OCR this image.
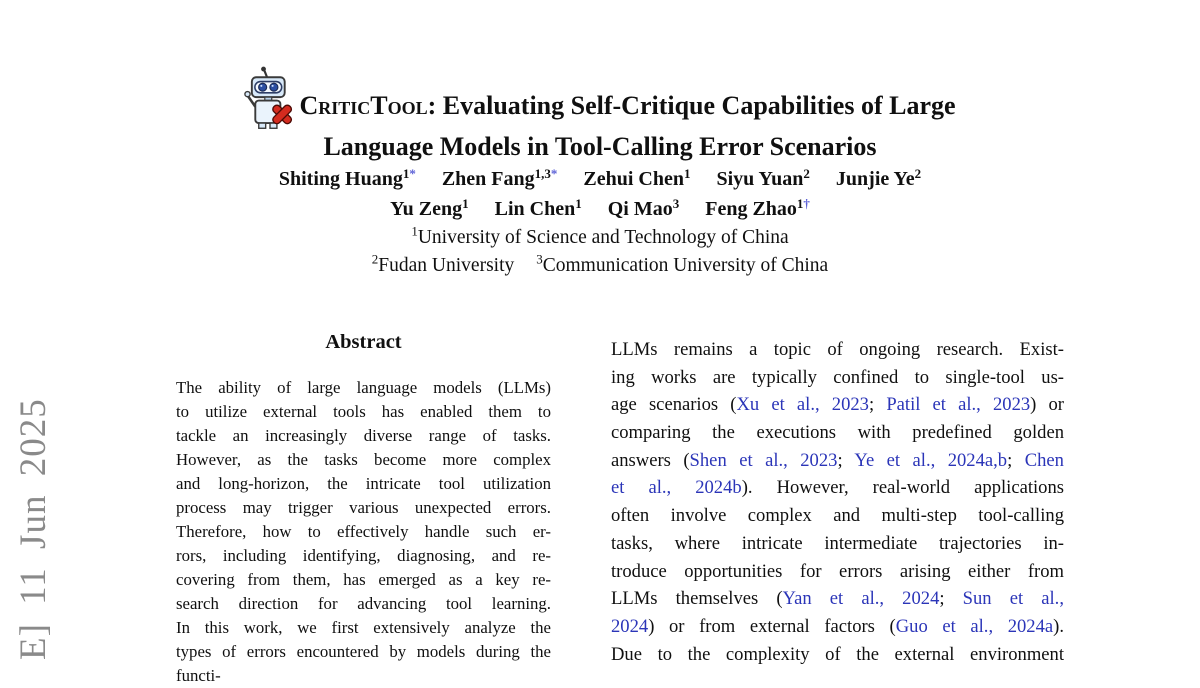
E] 11 Jun 2025
CriticTool: Evaluating Self-Critique Capabilities of Large
Language Models in Tool-Calling Error Scenarios
Shiting Huang$^{1*}$ Zhen Fang$^{1,3*}$ Zehui Chen$^1$ Siyu Yuan$^2$ Junjie Ye$^2$
Yu Zeng$^1$ Lin Chen$^1$ Qi Mao$^3$ Feng Zhao$^{1\dagger}$
$^1$University of Science and Technology of China
$^2$Fudan University $^3$Communication University of China
Abstract
The ability of large language models (LLMs)
to utilize external tools has enabled them to
tackle an increasingly diverse range of tasks.
However, as the tasks become more complex
and long-horizon, the intricate tool utilization
process may trigger various unexpected errors.
Therefore, how to effectively handle such er-
rors, including identifying, diagnosing, and re-
covering from them, has emerged as a key re-
search direction for advancing tool learning.
In this work, we first extensively analyze the
types of errors encountered by models during the functi-
LLMs remains a topic of ongoing research. Exist-
ing works are typically confined to single-tool us-
age scenarios (Xu et al., 2023; Patil et al., 2023) or
comparing the executions with predefined golden
answers (Shen et al., 2023; Ye et al., 2024a,b; Chen
et al., 2024b). However, real-world applications
often involve complex and multi-step tool-calling
tasks, where intricate intermediate trajectories in-
troduce opportunities for errors arising either from
LLMs themselves (Yan et al., 2024; Sun et al.,
2024) or from external factors (Guo et al., 2024a).
Due to the complexity of the external environment
